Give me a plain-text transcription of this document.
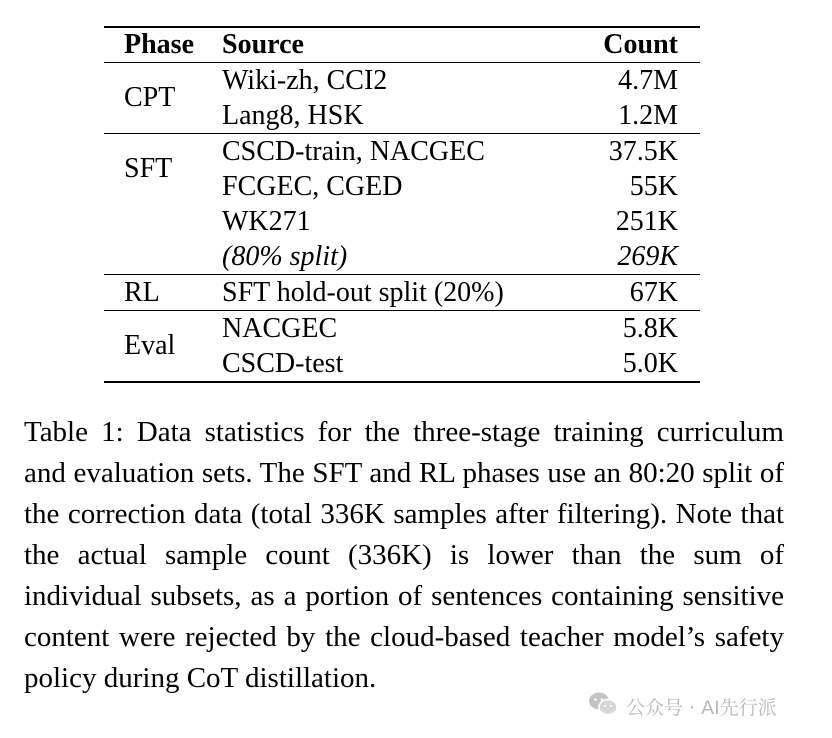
Phase	Source	Count
CPT	Wiki-zh, CCI2	4.7M
	Lang8, HSK	1.2M
SFT	CSCD-train, NACGEC	37.5K
	FCGEC, CGED	55K
	WK271	251K
	(80% split)	269K
RL	SFT hold-out split (20%)	67K
Eval	NACGEC	5.8K
	CSCD-test	5.0K

Table 1: Data statistics for the three-stage training curriculum and evaluation sets. The SFT and RL phases use an 80:20 split of the correction data (total 336K samples after filtering). Note that the actual sample count (336K) is lower than the sum of individual subsets, as a portion of sentences containing sensitive content were rejected by the cloud-based teacher model’s safety policy during CoT distillation.

公众号 · AI先行派
